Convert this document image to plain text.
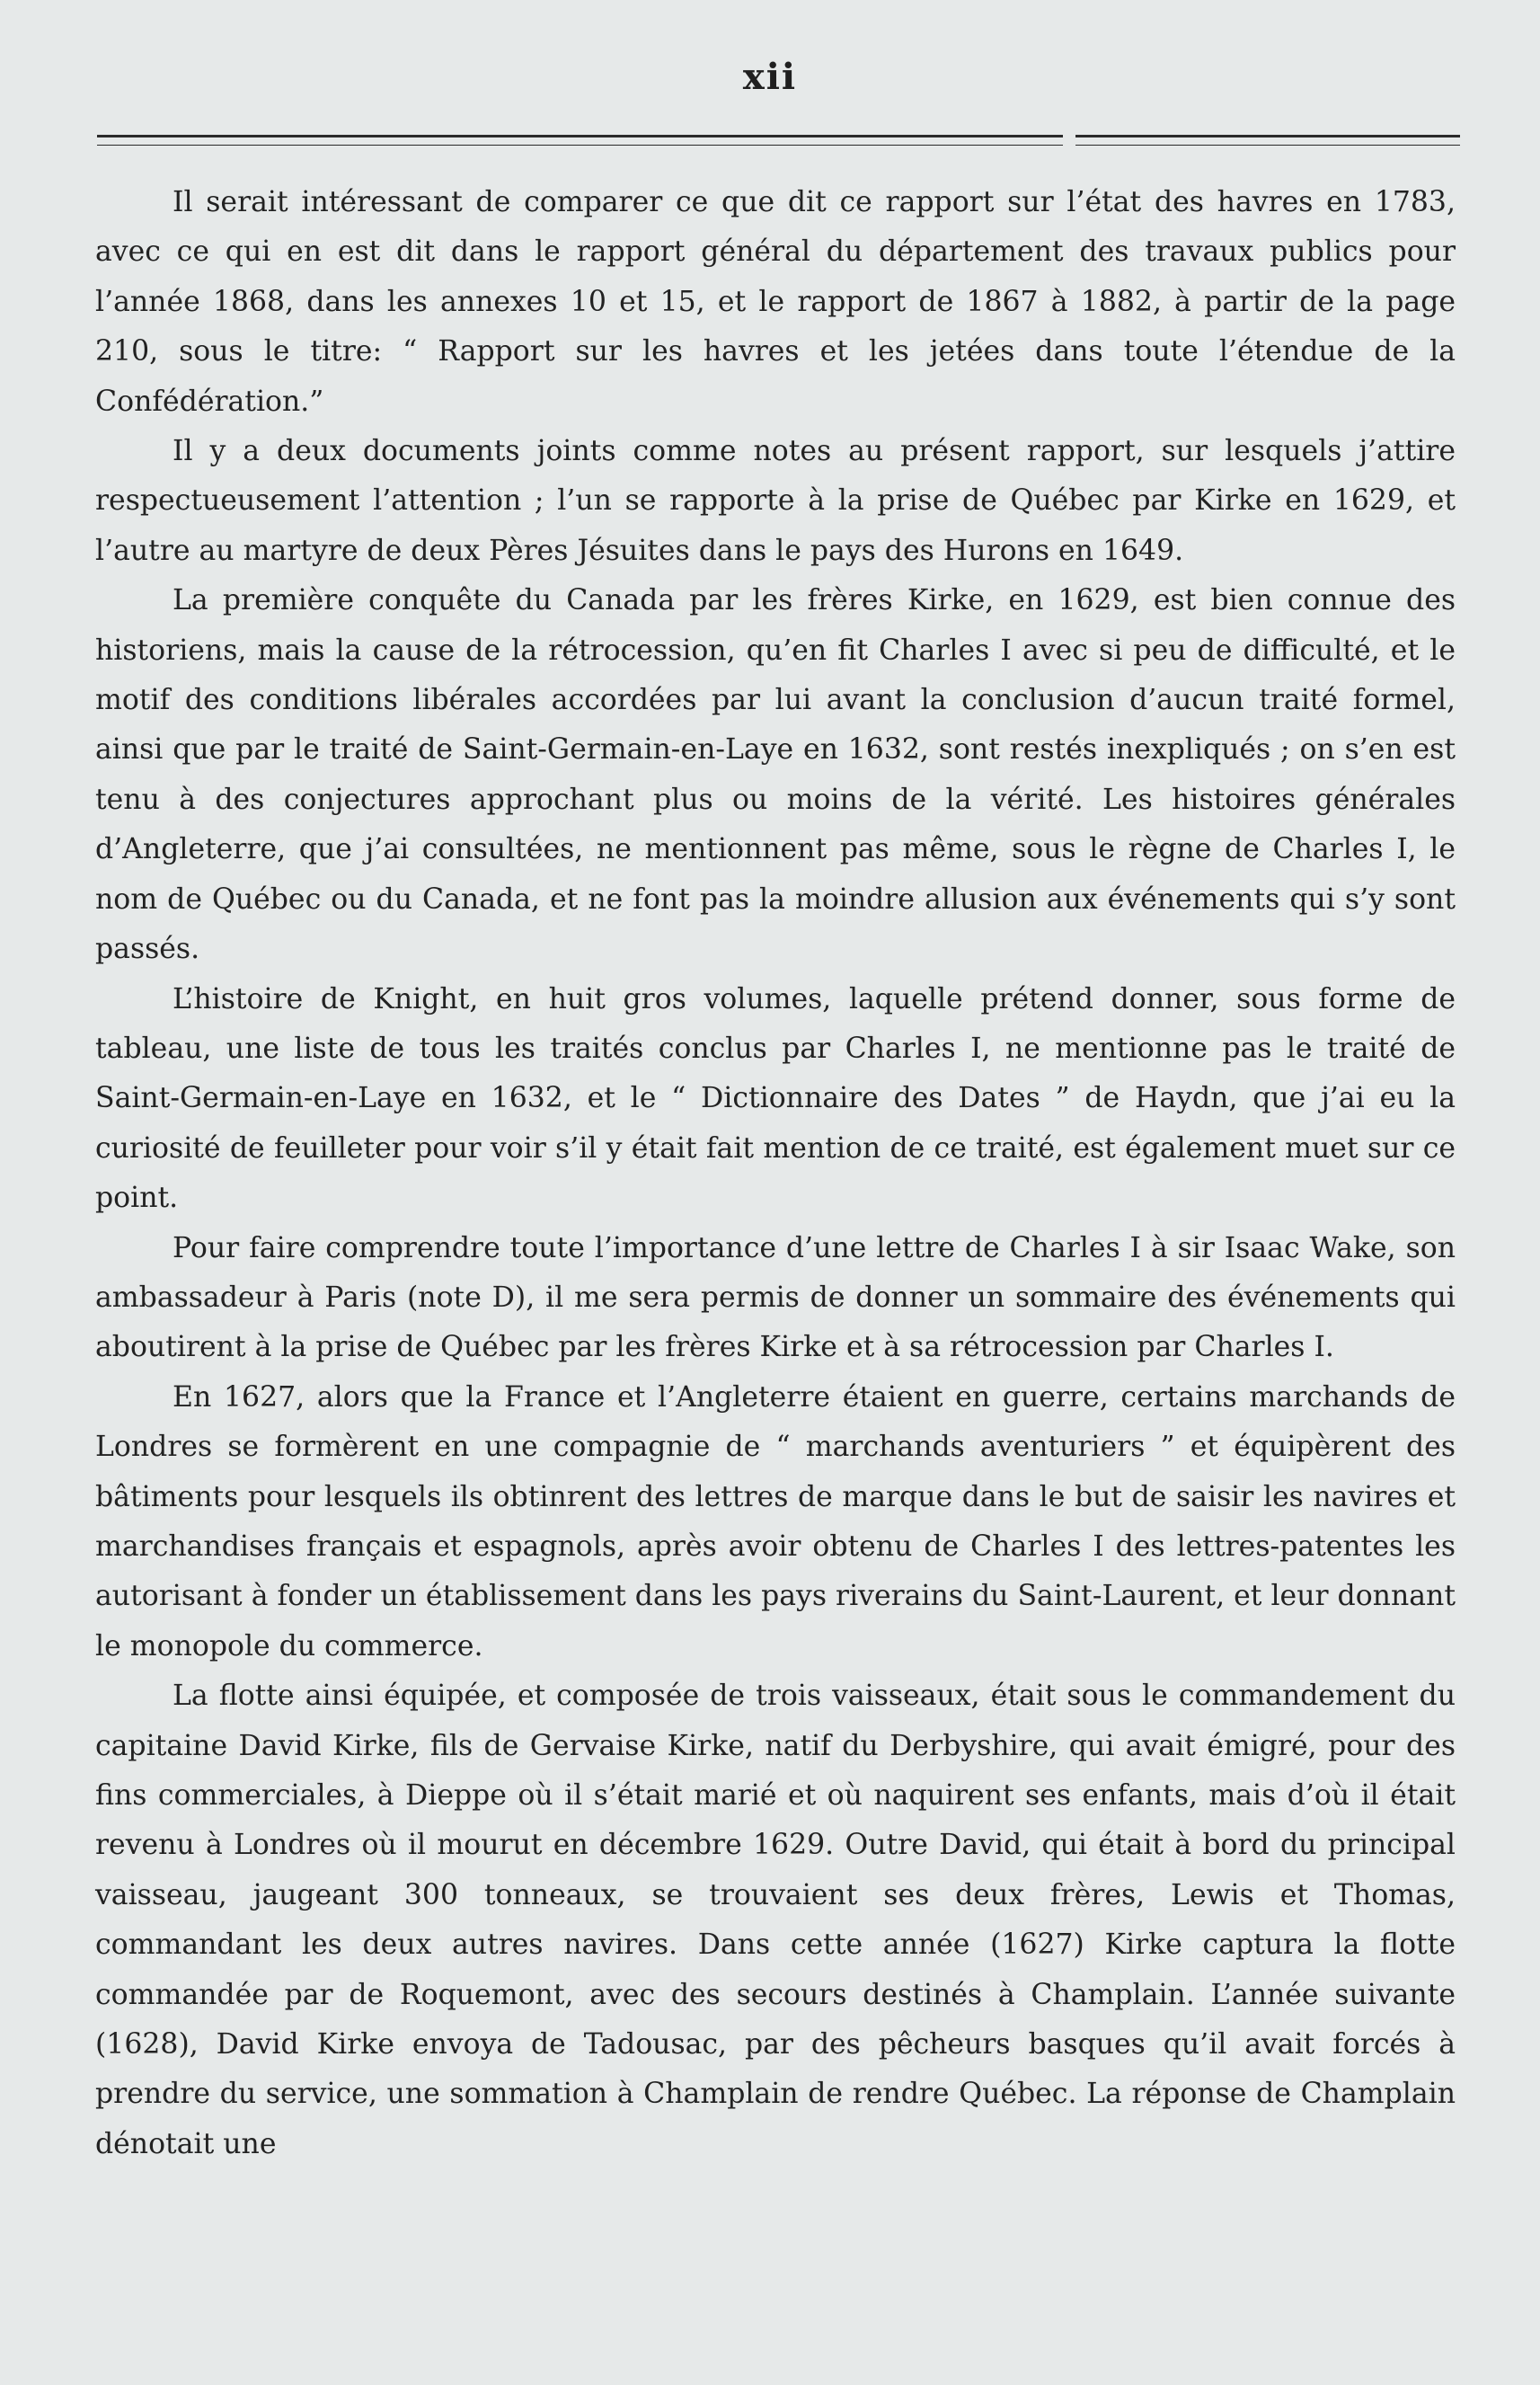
xii

Il serait intéressant de comparer ce que dit ce rapport sur l’état des havres en 1783, avec ce qui en est dit dans le rapport général du département des travaux publics pour l’année 1868, dans les annexes 10 et 15, et le rapport de 1867 à 1882, à partir de la page 210, sous le titre: “ Rapport sur les havres et les jetées dans toute l’étendue de la Confédération.”

Il y a deux documents joints comme notes au présent rapport, sur lesquels j’attire respectueusement l’attention ; l’un se rapporte à la prise de Québec par Kirke en 1629, et l’autre au martyre de deux Pères Jésuites dans le pays des Hurons en 1649.

La première conquête du Canada par les frères Kirke, en 1629, est bien connue des historiens, mais la cause de la rétrocession, qu’en fit Charles I avec si peu de difficulté, et le motif des conditions libérales accordées par lui avant la conclusion d’aucun traité formel, ainsi que par le traité de Saint-Germain-en-Laye en 1632, sont restés inexpliqués ; on s’en est tenu à des conjectures approchant plus ou moins de la vérité. Les histoires générales d’Angleterre, que j’ai consultées, ne mentionnent pas même, sous le règne de Charles I, le nom de Québec ou du Canada, et ne font pas la moindre allusion aux événements qui s’y sont passés.

L’histoire de Knight, en huit gros volumes, laquelle prétend donner, sous forme de tableau, une liste de tous les traités conclus par Charles I, ne mentionne pas le traité de Saint-Germain-en-Laye en 1632, et le “ Dictionnaire des Dates ” de Haydn, que j’ai eu la curiosité de feuilleter pour voir s’il y était fait mention de ce traité, est également muet sur ce point.

Pour faire comprendre toute l’importance d’une lettre de Charles I à sir Isaac Wake, son ambassadeur à Paris (note D), il me sera permis de donner un sommaire des événements qui aboutirent à la prise de Québec par les frères Kirke et à sa rétrocession par Charles I.

En 1627, alors que la France et l’Angleterre étaient en guerre, certains marchands de Londres se formèrent en une compagnie de “ marchands aventuriers ” et équipèrent des bâtiments pour lesquels ils obtinrent des lettres de marque dans le but de saisir les navires et marchandises français et espagnols, après avoir obtenu de Charles I des lettres-patentes les autorisant à fonder un établissement dans les pays riverains du Saint-Laurent, et leur donnant le monopole du commerce.

La flotte ainsi équipée, et composée de trois vaisseaux, était sous le commandement du capitaine David Kirke, fils de Gervaise Kirke, natif du Derbyshire, qui avait émigré, pour des fins commerciales, à Dieppe où il s’était marié et où naquirent ses enfants, mais d’où il était revenu à Londres où il mourut en décembre 1629. Outre David, qui était à bord du principal vaisseau, jaugeant 300 tonneaux, se trouvaient ses deux frères, Lewis et Thomas, commandant les deux autres navires. Dans cette année (1627) Kirke captura la flotte commandée par de Roquemont, avec des secours destinés à Champlain. L’année suivante (1628), David Kirke envoya de Tadousac, par des pêcheurs basques qu’il avait forcés à prendre du service, une sommation à Champlain de rendre Québec. La réponse de Champlain dénotait une
